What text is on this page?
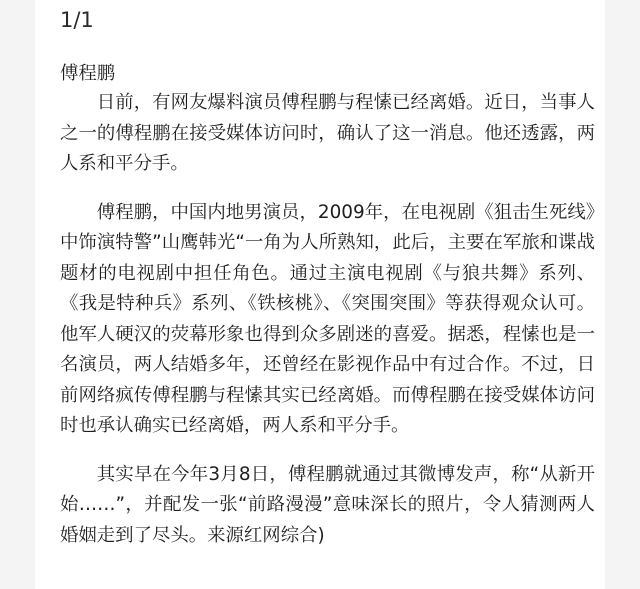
1/1
傅程鹏

日前，有网友爆料演员傅程鹏与程愫已经离婚。近日，当事人之一的傅程鹏在接受媒体访问时，确认了这一消息。他还透露，两人系和平分手。

傅程鹏，中国内地男演员，2009年，在电视剧《狙击生死线》中饰演特警”山鹰韩光“一角为人所熟知，此后，主要在军旅和谍战题材的电视剧中担任角色。通过主演电视剧《与狼共舞》系列、《我是特种兵》系列、《铁核桃》、《突围突围》等获得观众认可。他军人硬汉的荧幕形象也得到众多剧迷的喜爱。据悉，程愫也是一名演员，两人结婚多年，还曾经在影视作品中有过合作。不过，日前网络疯传傅程鹏与程愫其实已经离婚。而傅程鹏在接受媒体访问时也承认确实已经离婚，两人系和平分手。

其实早在今年3月8日，傅程鹏就通过其微博发声，称“从新开始……”，并配发一张“前路漫漫”意味深长的照片，令人猜测两人婚姻走到了尽头。来源红网综合)
